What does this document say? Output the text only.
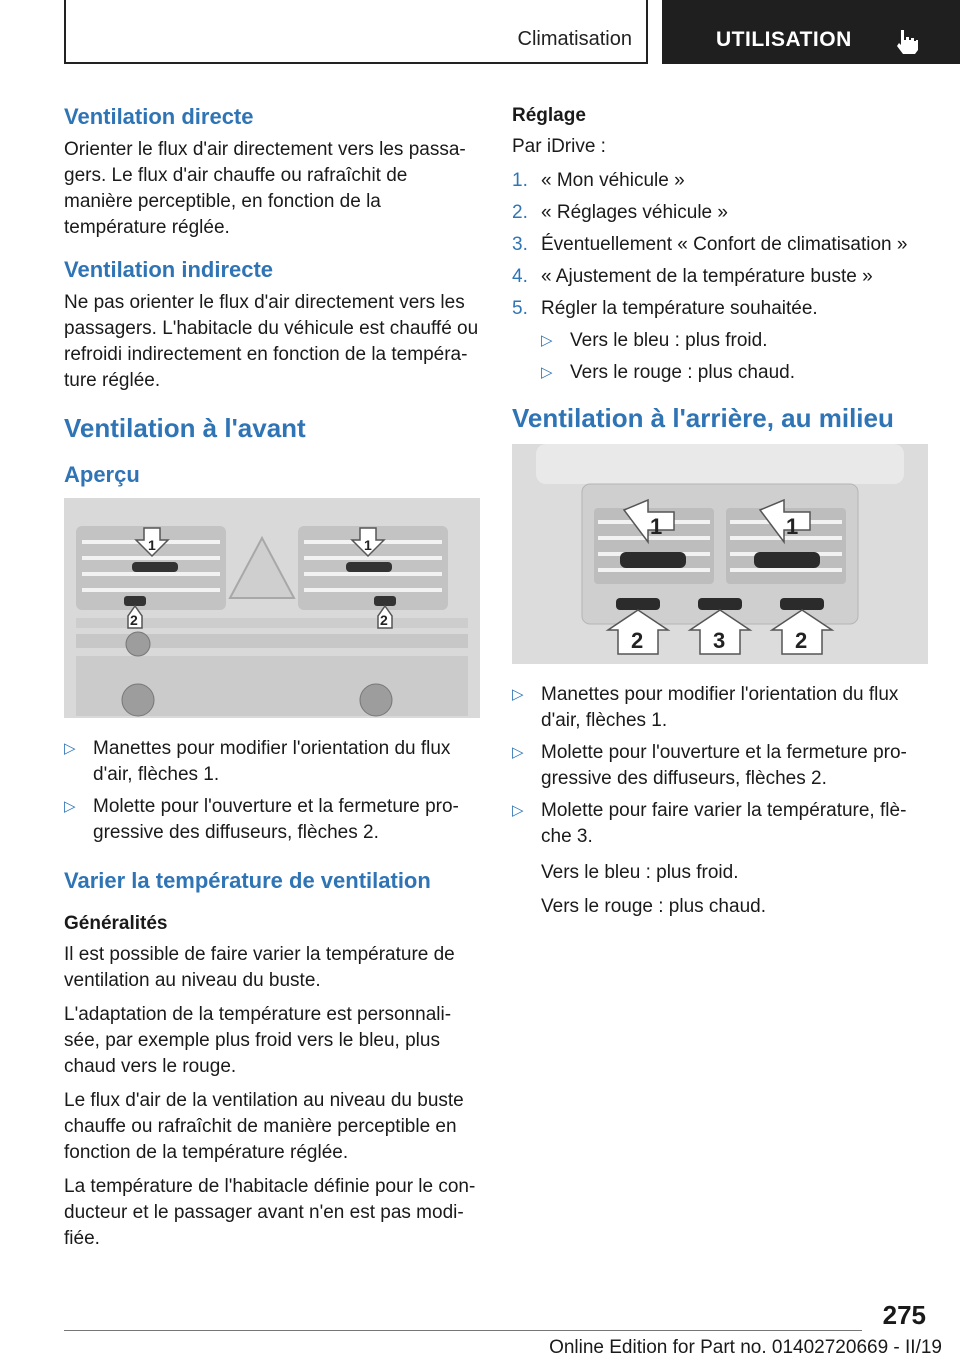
Climatisation	UTILISATION
Ventilation directe

Orienter le flux d'air directement vers les passagers. Le flux d'air chauffe ou rafraîchit de manière perceptible, en fonction de la température réglée.

Ventilation indirecte

Ne pas orienter le flux d'air directement vers les passagers. L'habitacle du véhicule est chauffé ou refroidi indirectement en fonction de la température réglée.

Ventilation à l'avant
Aperçu
1	1
2	2
▷ Manettes pour modifier l'orientation du flux d'air, flèches 1.
▷ Molette pour l'ouverture et la fermeture progressive des diffuseurs, flèches 2.
Varier la température de ventilation
Généralités

Il est possible de faire varier la température de ventilation au niveau du buste.

L'adaptation de la température est personnalisée, par exemple plus froid vers le bleu, plus chaud vers le rouge.

Le flux d'air de la ventilation au niveau du buste chauffe ou rafraîchit de manière perceptible en fonction de la température réglée.

La température de l'habitacle définie pour le conducteur et le passager avant n'en est pas modifiée.

Réglage

Par iDrive :

1. « Mon véhicule »
2. « Réglages véhicule »
3. Éventuellement « Confort de climatisation »
4. « Ajustement de la température buste »
5. Régler la température souhaitée.
▷ Vers le bleu : plus froid.
▷ Vers le rouge : plus chaud.
Ventilation à l'arrière, au milieu
1	1
2	3	2
▷ Manettes pour modifier l'orientation du flux d'air, flèches 1.
▷ Molette pour l'ouverture et la fermeture progressive des diffuseurs, flèches 2.
▷ Molette pour faire varier la température, flèche 3.

Vers le bleu : plus froid.

Vers le rouge : plus chaud.

275
Online Edition for Part no. 01402720669 - II/19
